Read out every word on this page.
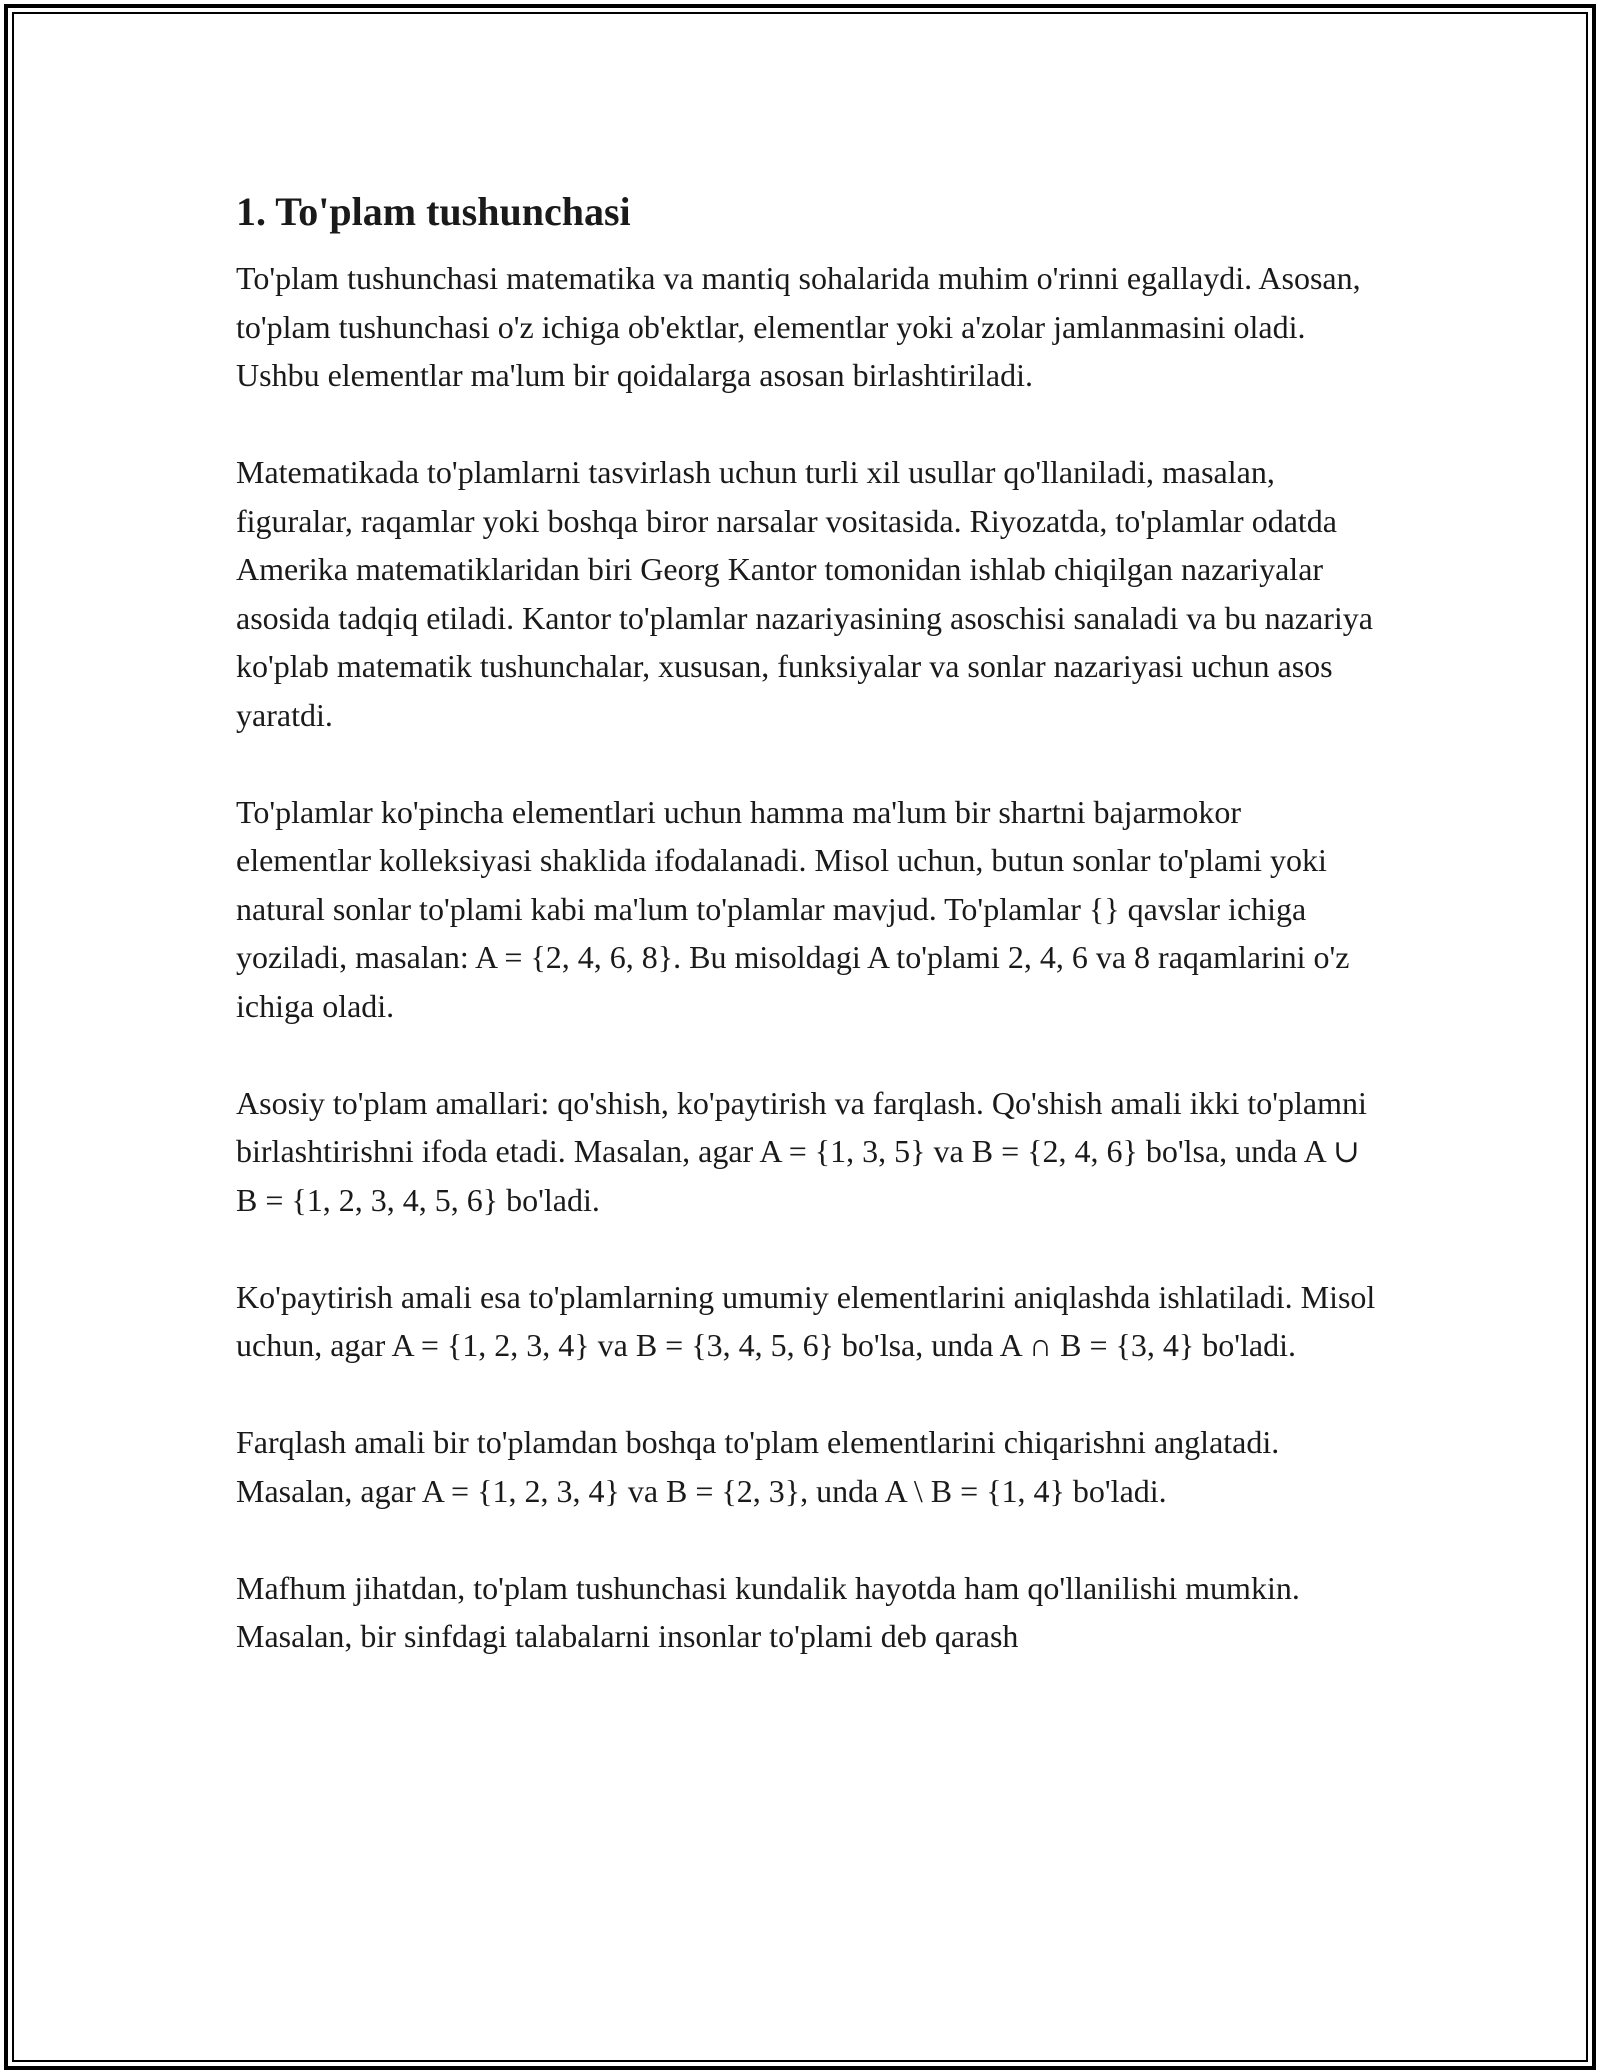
1. To'plam tushunchasi

To'plam tushunchasi matematika va mantiq sohalarida muhim o'rinni egallaydi. Asosan, to'plam tushunchasi o'z ichiga ob'ektlar, elementlar yoki a'zolar jamlanmasini oladi. Ushbu elementlar ma'lum bir qoidalarga asosan birlashtiriladi.

Matematikada to'plamlarni tasvirlash uchun turli xil usullar qo'llaniladi, masalan, figuralar, raqamlar yoki boshqa biror narsalar vositasida. Riyozatda, to'plamlar odatda Amerika matematiklaridan biri Georg Kantor tomonidan ishlab chiqilgan nazariyalar asosida tadqiq etiladi. Kantor to'plamlar nazariyasining asoschisi sanaladi va bu nazariya ko'plab matematik tushunchalar, xususan, funksiyalar va sonlar nazariyasi uchun asos yaratdi.

To'plamlar ko'pincha elementlari uchun hamma ma'lum bir shartni bajarmokor elementlar kolleksiyasi shaklida ifodalanadi. Misol uchun, butun sonlar to'plami yoki natural sonlar to'plami kabi ma'lum to'plamlar mavjud. To'plamlar {} qavslar ichiga yoziladi, masalan: A = {2, 4, 6, 8}. Bu misoldagi A to'plami 2, 4, 6 va 8 raqamlarini o'z ichiga oladi.

Asosiy to'plam amallari: qo'shish, ko'paytirish va farqlash. Qo'shish amali ikki to'plamni birlashtirishni ifoda etadi. Masalan, agar A = {1, 3, 5} va B = {2, 4, 6} bo'lsa, unda A ∪ B = {1, 2, 3, 4, 5, 6} bo'ladi.

Ko'paytirish amali esa to'plamlarning umumiy elementlarini aniqlashda ishlatiladi. Misol uchun, agar A = {1, 2, 3, 4} va B = {3, 4, 5, 6} bo'lsa, unda A ∩ B = {3, 4} bo'ladi.

Farqlash amali bir to'plamdan boshqa to'plam elementlarini chiqarishni anglatadi. Masalan, agar A = {1, 2, 3, 4} va B = {2, 3}, unda A \ B = {1, 4} bo'ladi.

Mafhum jihatdan, to'plam tushunchasi kundalik hayotda ham qo'llanilishi mumkin. Masalan, bir sinfdagi talabalarni insonlar to'plami deb qarash
